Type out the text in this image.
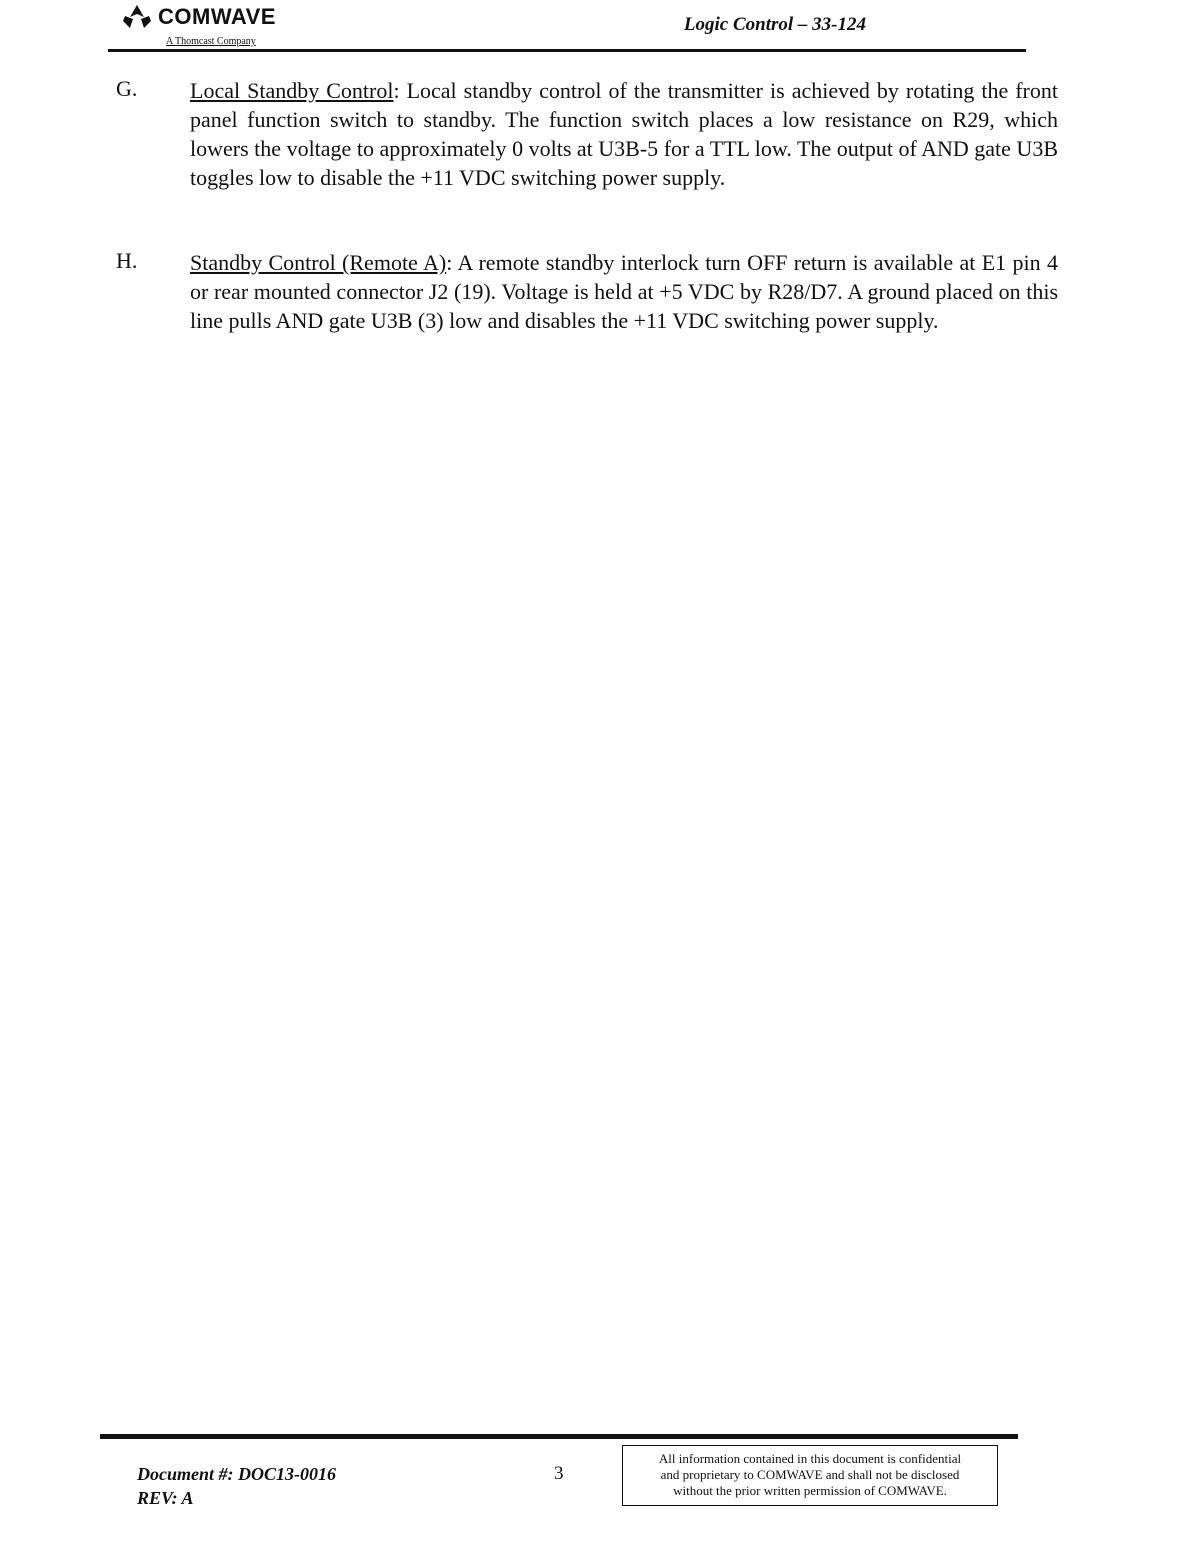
COMWAVE
A Thomcast Company
Logic Control – 33-124
G. Local Standby Control: Local standby control of the transmitter is achieved by rotating the front panel function switch to standby. The function switch places a low resistance on R29, which lowers the voltage to approximately 0 volts at U3B-5 for a TTL low. The output of AND gate U3B toggles low to disable the +11 VDC switching power supply.
H. Standby Control (Remote A): A remote standby interlock turn OFF return is available at E1 pin 4 or rear mounted connector J2 (19). Voltage is held at +5 VDC by R28/D7. A ground placed on this line pulls AND gate U3B (3) low and disables the +11 VDC switching power supply.
Document #: DOC13-0016
REV: A
3
All information contained in this document is confidential
and proprietary to COMWAVE and shall not be disclosed
without the prior written permission of COMWAVE.
